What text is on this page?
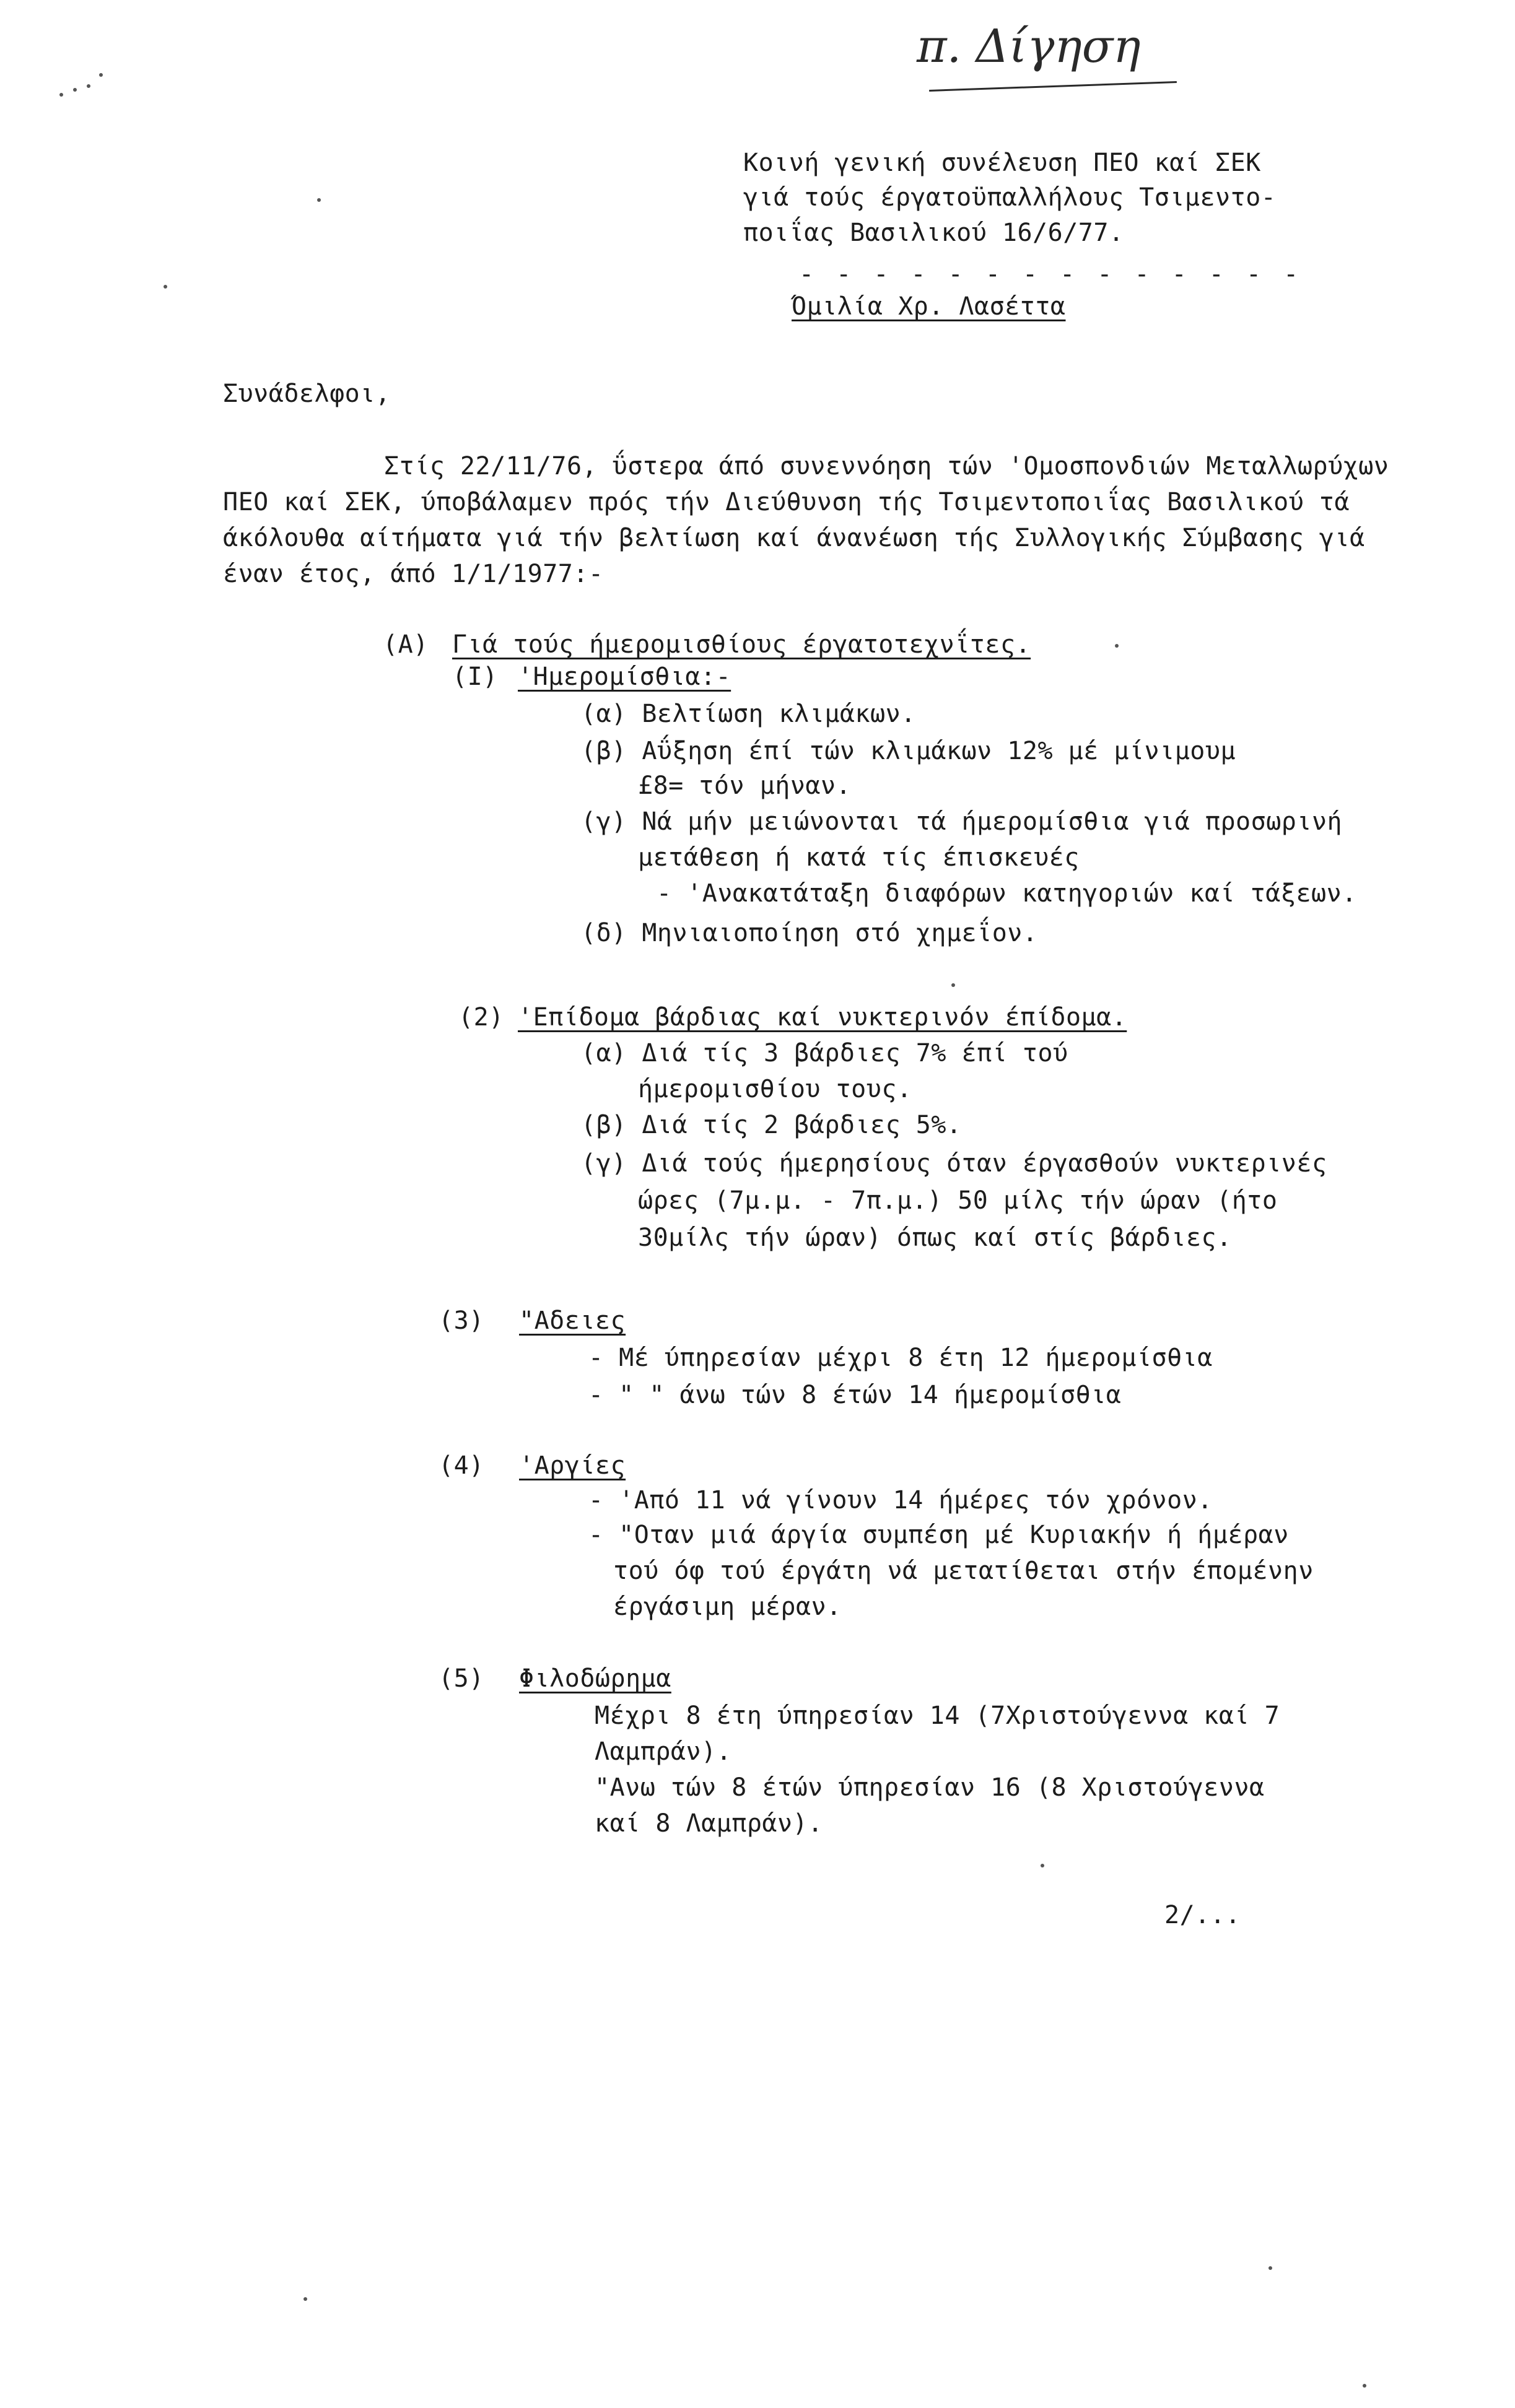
π. Δίγηση
Κοινή γενική συνέλευση ΠΕΟ καί ΣΕΚ
γιά τούς έργατοϋπαλλήλους Τσιμεντο-
ποιΐας Βασιλικού 16/6/77.
- - - - - - - - - - - - - -
Όμιλία Χρ. Λασέττα
Συνάδελφοι,
Στίς 22/11/76, ΰστερα άπό συνεννόηση τών 'Ομοσπονδιών Μεταλλωρύχων
ΠΕΟ καί ΣΕΚ, ύποβάλαμεν πρός τήν Διεύθυνση τής Τσιμεντοποιΐας Βασιλικού τά
άκόλουθα αίτήματα γιά τήν βελτίωση καί άνανέωση τής Συλλογικής Σύμβασης γιά
έναν έτος, άπό 1/1/1977:-
(A) Γιά τούς ήμερομισθίους έργατοτεχνΐτες.
(I) 'Ημερομίσθια:-
(α) Βελτίωση κλιμάκων.
(β) Αΰξηση έπί τών κλιμάκων 12% μέ μίνιμουμ
£8= τόν μήναν.
(γ) Νά μήν μειώνονται τά ήμερομίσθια γιά προσωρινή
μετάθεση ή κατά τίς έπισκευές
- 'Ανακατάταξη διαφόρων κατηγοριών καί τάξεων.
(δ) Μηνιαιοποίηση στό χημεΐον.
(2) 'Επίδομα βάρδιας καί νυκτερινόν έπίδομα.
(α) Διά τίς 3 βάρδιες 7% έπί τού
ήμερομισθίου τους.
(β) Διά τίς 2 βάρδιες 5%.
(γ) Διά τούς ήμερησίους όταν έργασθούν νυκτερινές
ώρες (7μ.μ. - 7π.μ.) 50 μίλς τήν ώραν (ήτο
30μίλς τήν ώραν) όπως καί στίς βάρδιες.
(3) "Αδειες
- Μέ ύπηρεσίαν μέχρι 8 έτη 12 ήμερομίσθια
- " " άνω τών 8 έτών 14 ήμερομίσθια
(4) 'Αργίες
- 'Από 11 νά γίνουν 14 ήμέρες τόν χρόνον.
- "Οταν μιά άργία συμπέση μέ Κυριακήν ή ήμέραν
τού όφ τού έργάτη νά μετατίθεται στήν έπομένην
έργάσιμη μέραν.
(5) Φιλοδώρημα
Μέχρι 8 έτη ύπηρεσίαν 14 (7Χριστούγεννα καί 7
Λαμπράν).
"Ανω τών 8 έτών ύπηρεσίαν 16 (8 Χριστούγεννα
καί 8 Λαμπράν).
2/...
